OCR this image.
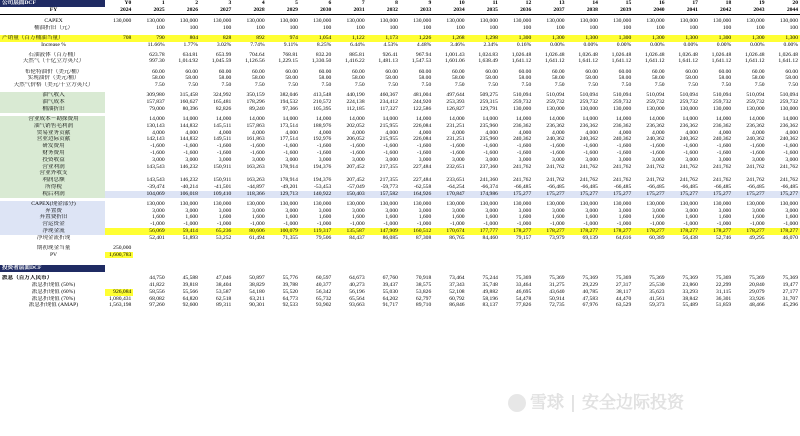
公司层面DCF	Y0	1	2	3	4	5	6	7	8	9	10	11	12	13	14	15	16	17	18	19	20
FY	2024	2025	2026	2027	2028	2029	2030	2031	2032	2033	2034	2035	2036	2037	2038	2039	2040	2041	2042	2043	2044

CAPEX	130,000	130,000	130,000	130,000	130,000	130,000	130,000	130,000	130,000	130,000	130,000	130,000	130,000	130,000	130,000	130,000	130,000	130,000	130,000	130,000	130,000
桶油折旧（元）		100	100	100	100	100	100	100	100	100	100	100	100	100	100	100	100	100	100	100	100

产销量（百万桶油当量）	708	790	804	828	892	974	1,054	1,122	1,173	1,226	1,268	1,298	1,300	1,300	1,300	1,300	1,300	1,300	1,300	1,300	1,300
Increase %		11.66%	1.77%	3.02%	7.74%	9.11%	8.25%	6.44%	4.53%	4.48%	3.46%	2.34%	0.16%	0.00%	0.00%	0.00%	0.00%	0.00%	0.00%	0.00%	0.00%

石油液体（百万桶）		623.78	634.81	653.99	704.64	768.81	832.20	885.81	926.41	967.94	1,001.43	1,024.83	1,026.48	1,026.48	1,026.48	1,026.48	1,026.48	1,026.48	1,026.48	1,026.48	1,026.48
天然气（十亿立方英尺）		997.30	1,014.92	1,045.59	1,126.56	1,229.15	1,330.50	1,416.22	1,481.13	1,547.53	1,601.06	1,638.49	1,641.12	1,641.12	1,641.12	1,641.12	1,641.12	1,641.12	1,641.12	1,641.12	1,641.12

布伦特油价（美元/桶）		60.00	60.00	60.00	60.00	60.00	60.00	60.00	60.00	60.00	60.00	60.00	60.00	60.00	60.00	60.00	60.00	60.00	60.00	60.00	60.00
实现油价（美元/桶）		58.00	58.00	58.00	58.00	58.00	58.00	58.00	58.00	58.00	58.00	58.00	58.00	58.00	58.00	58.00	58.00	58.00	58.00	58.00	58.00
天然气价格（美元/千立方英尺）		7.50	7.50	7.50	7.50	7.50	7.50	7.50	7.50	7.50	7.50	7.50	7.50	7.50	7.50	7.50	7.50	7.50	7.50	7.50	7.50

油气收入		309,980	315,458	324,992	350,159	382,046	413,548	440,190	460,367	481,004	497,644	509,275	510,094	510,094	510,094	510,094	510,094	510,094	510,094	510,094	510,094
油气成本		157,837	160,627	165,481	178,296	194,532	210,572	224,138	234,412	244,920	253,393	259,315	259,732	259,732	259,732	259,732	259,732	259,732	259,732	259,732	259,732
桶油折旧		79,000	80,396	82,826	89,240	97,366	105,395	112,185	117,327	122,586	126,827	129,791	130,000	130,000	130,000	130,000	130,000	130,000	130,000	130,000	130,000

营业成本－勘探费用		14,000	14,000	14,000	14,000	14,000	14,000	14,000	14,000	14,000	14,000	14,000	14,000	14,000	14,000	14,000	14,000	14,000	14,000	14,000	14,000
油气销售毛利润		130,143	144,832	145,511	157,863	173,514	188,976	202,052	215,955	226,084	231,251	235,960	236,362	236,362	236,362	236,362	236,362	236,362	236,362	236,362	236,362
贸易业务贡献		4,000	4,000	4,000	4,000	4,000	4,000	4,000	4,000	4,000	4,000	4,000	4,000	4,000	4,000	4,000	4,000	4,000	4,000	4,000	4,000
营业边际贡献		142,143	144,832	149,511	161,863	177,514	192,976	206,052	215,955	226,084	231,251	235,960	240,362	240,362	240,362	240,362	240,362	240,362	240,362	240,362	240,362
研发费用		-1,600	-1,600	-1,600	-1,600	-1,600	-1,600	-1,600	-1,600	-1,600	-1,600	-1,600	-1,600	-1,600	-1,600	-1,600	-1,600	-1,600	-1,600	-1,600	-1,600
财务费用		-1,600	-1,600	-1,600	-1,600	-1,600	-1,600	-1,600	-1,600	-1,600	-1,600	-1,600	-1,600	-1,600	-1,600	-1,600	-1,600	-1,600	-1,600	-1,600	-1,600
投资收益		3,000	3,000	3,000	3,000	3,000	3,000	3,000	3,000	3,000	3,000	3,000	3,000	3,000	3,000	3,000	3,000	3,000	3,000	3,000	3,000
营业利润		143,543	146,232	150,911	163,263	178,914	194,376	207,452	217,355	227,484	232,651	237,360	241,762	241,762	241,762	241,762	241,762	241,762	241,762	241,762	241,762
营业外收支																					
利润总额		143,543	146,232	150,911	163,263	178,914	194,376	207,452	217,355	227,484	233,651	241,360	241,762	241,762	241,762	241,762	241,762	241,762	241,762	241,762	241,762
所得税		-39,474	-40,214	-41,501	-44,897	-49,201	-53,453	-57,049	-59,773	-62,558	-64,254	-66,374	-66,485	-66,485	-66,485	-66,485	-66,485	-66,485	-66,485	-66,485	-66,485
税后利润		104,069	106,018	109,410	118,366	129,713	140,922	150,403	157,582	164,926	170,847	174,986	175,277	175,277	175,277	175,277	175,277	175,277	175,277	175,277	175,277

CAPEX(现金部分)		130,000	130,000	130,000	130,000	130,000	130,000	130,000	130,000	130,000	130,000	130,000	130,000	130,000	130,000	130,000	130,000	130,000	130,000	130,000	130,000
弃置费		3,000	3,000	3,000	3,000	3,000	3,000	3,000	3,000	3,000	3,000	3,000	3,000	3,000	3,000	3,000	3,000	3,000	3,000	3,000	3,000
弃置费折旧		1,600	1,600	1,600	1,600	1,600	1,600	1,600	1,600	1,600	1,600	1,600	1,600	1,600	1,600	1,600	1,600	1,600	1,600	1,600	1,600
营运资金		-1,000	-1,000	-1,000	-1,000	-1,000	-1,000	-1,000	-1,000	-1,000	-1,000	-1,000	-1,000	-1,000	-1,000	-1,000	-1,000	-1,000	-1,000	-1,000	-1,000
净现金流		56,069	59,414	65,236	80,606	100,079	119,317	135,587	147,909	160,512	170,674	177,777	178,277	178,277	178,277	178,277	178,277	178,277	178,277	178,277	178,277
净现金流折现		52,401	51,893	53,252	61,494	71,355	79,506	84,437	86,085	87,308	86,765	84,460	79,157	73,979	69,139	64,616	60,389	56,438	52,746	49,295	46,070

期初现金当量	250,000																				
PV	1,600,783																				

投资者层面DCF																					

派息（百万人民币）		44,750	45,588	47,046	50,897	55,776	60,597	64,673	67,760	70,918	73,464	75,244	75,369	75,369	75,369	75,369	75,369	75,369	75,369	75,369	75,369
派息折现值 (50%)		41,822	39,818	38,404	38,829	39,788	40,377	40,273	39,437	38,575	37,343	35,748	33,464	31,275	29,229	27,317	25,530	23,860	22,299	20,840	19,477
派息折现值 (60%)	926,084	58,556	55,566	53,587	54,180	55,520	56,342	56,196	55,030	53,826	52,108	49,882	46,695	43,640	40,785	38,117	35,623	33,293	31,115	29,079	27,177
派息折现值 (70%)	1,080,431	68,082	64,820	62,518	63,211	64,773	65,732	65,564	64,202	62,797	60,792	58,196	54,478	50,914	47,583	44,470	41,561	38,842	36,301	33,926	31,707
派息折现值 (AMAP)	1,563,198	97,260	92,600	89,311	90,301	92,533	93,902	93,663	91,717	89,710	86,846	83,137	77,826	72,735	67,976	63,529	59,373	55,489	51,859	48,466	45,296
雪球 | 安全边际投资
